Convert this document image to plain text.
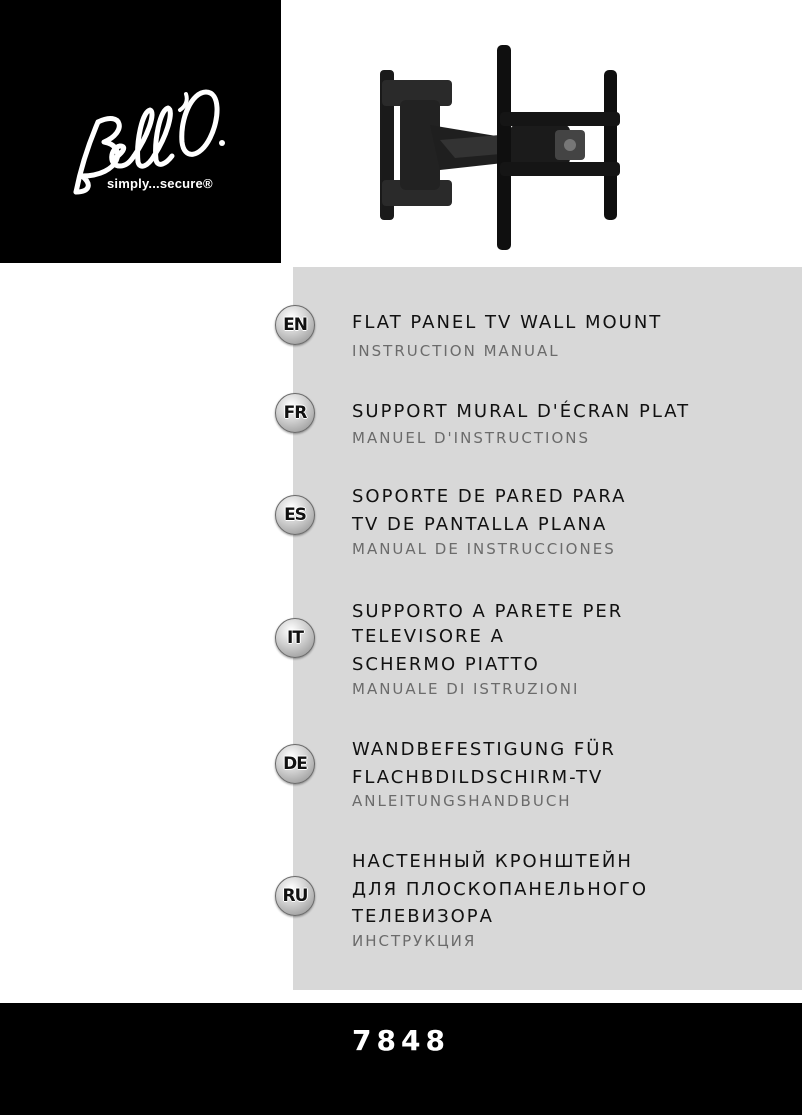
simply...secure®
EN	FLAT PANEL TV WALL MOUNT
INSTRUCTION MANUAL
FR	SUPPORT MURAL D'ÉCRAN PLAT
MANUEL D'INSTRUCTIONS
ES
SOPORTE DE PARED PARA
TV DE PANTALLA PLANA
MANUAL DE INSTRUCCIONES
IT
SUPPORTO A PARETE PER
TELEVISORE A
SCHERMO PIATTO
MANUALE DI ISTRUZIONI
DE
WANDBEFESTIGUNG FÜR
FLACHBDILDSCHIRM-TV
ANLEITUNGSHANDBUCH
RU
НАСТЕННЫЙ КРОНШТЕЙН
ДЛЯ ПЛОСКОПАНЕЛЬНОГО
ТЕЛЕВИЗОРА
ИНСТРУКЦИЯ
7848
